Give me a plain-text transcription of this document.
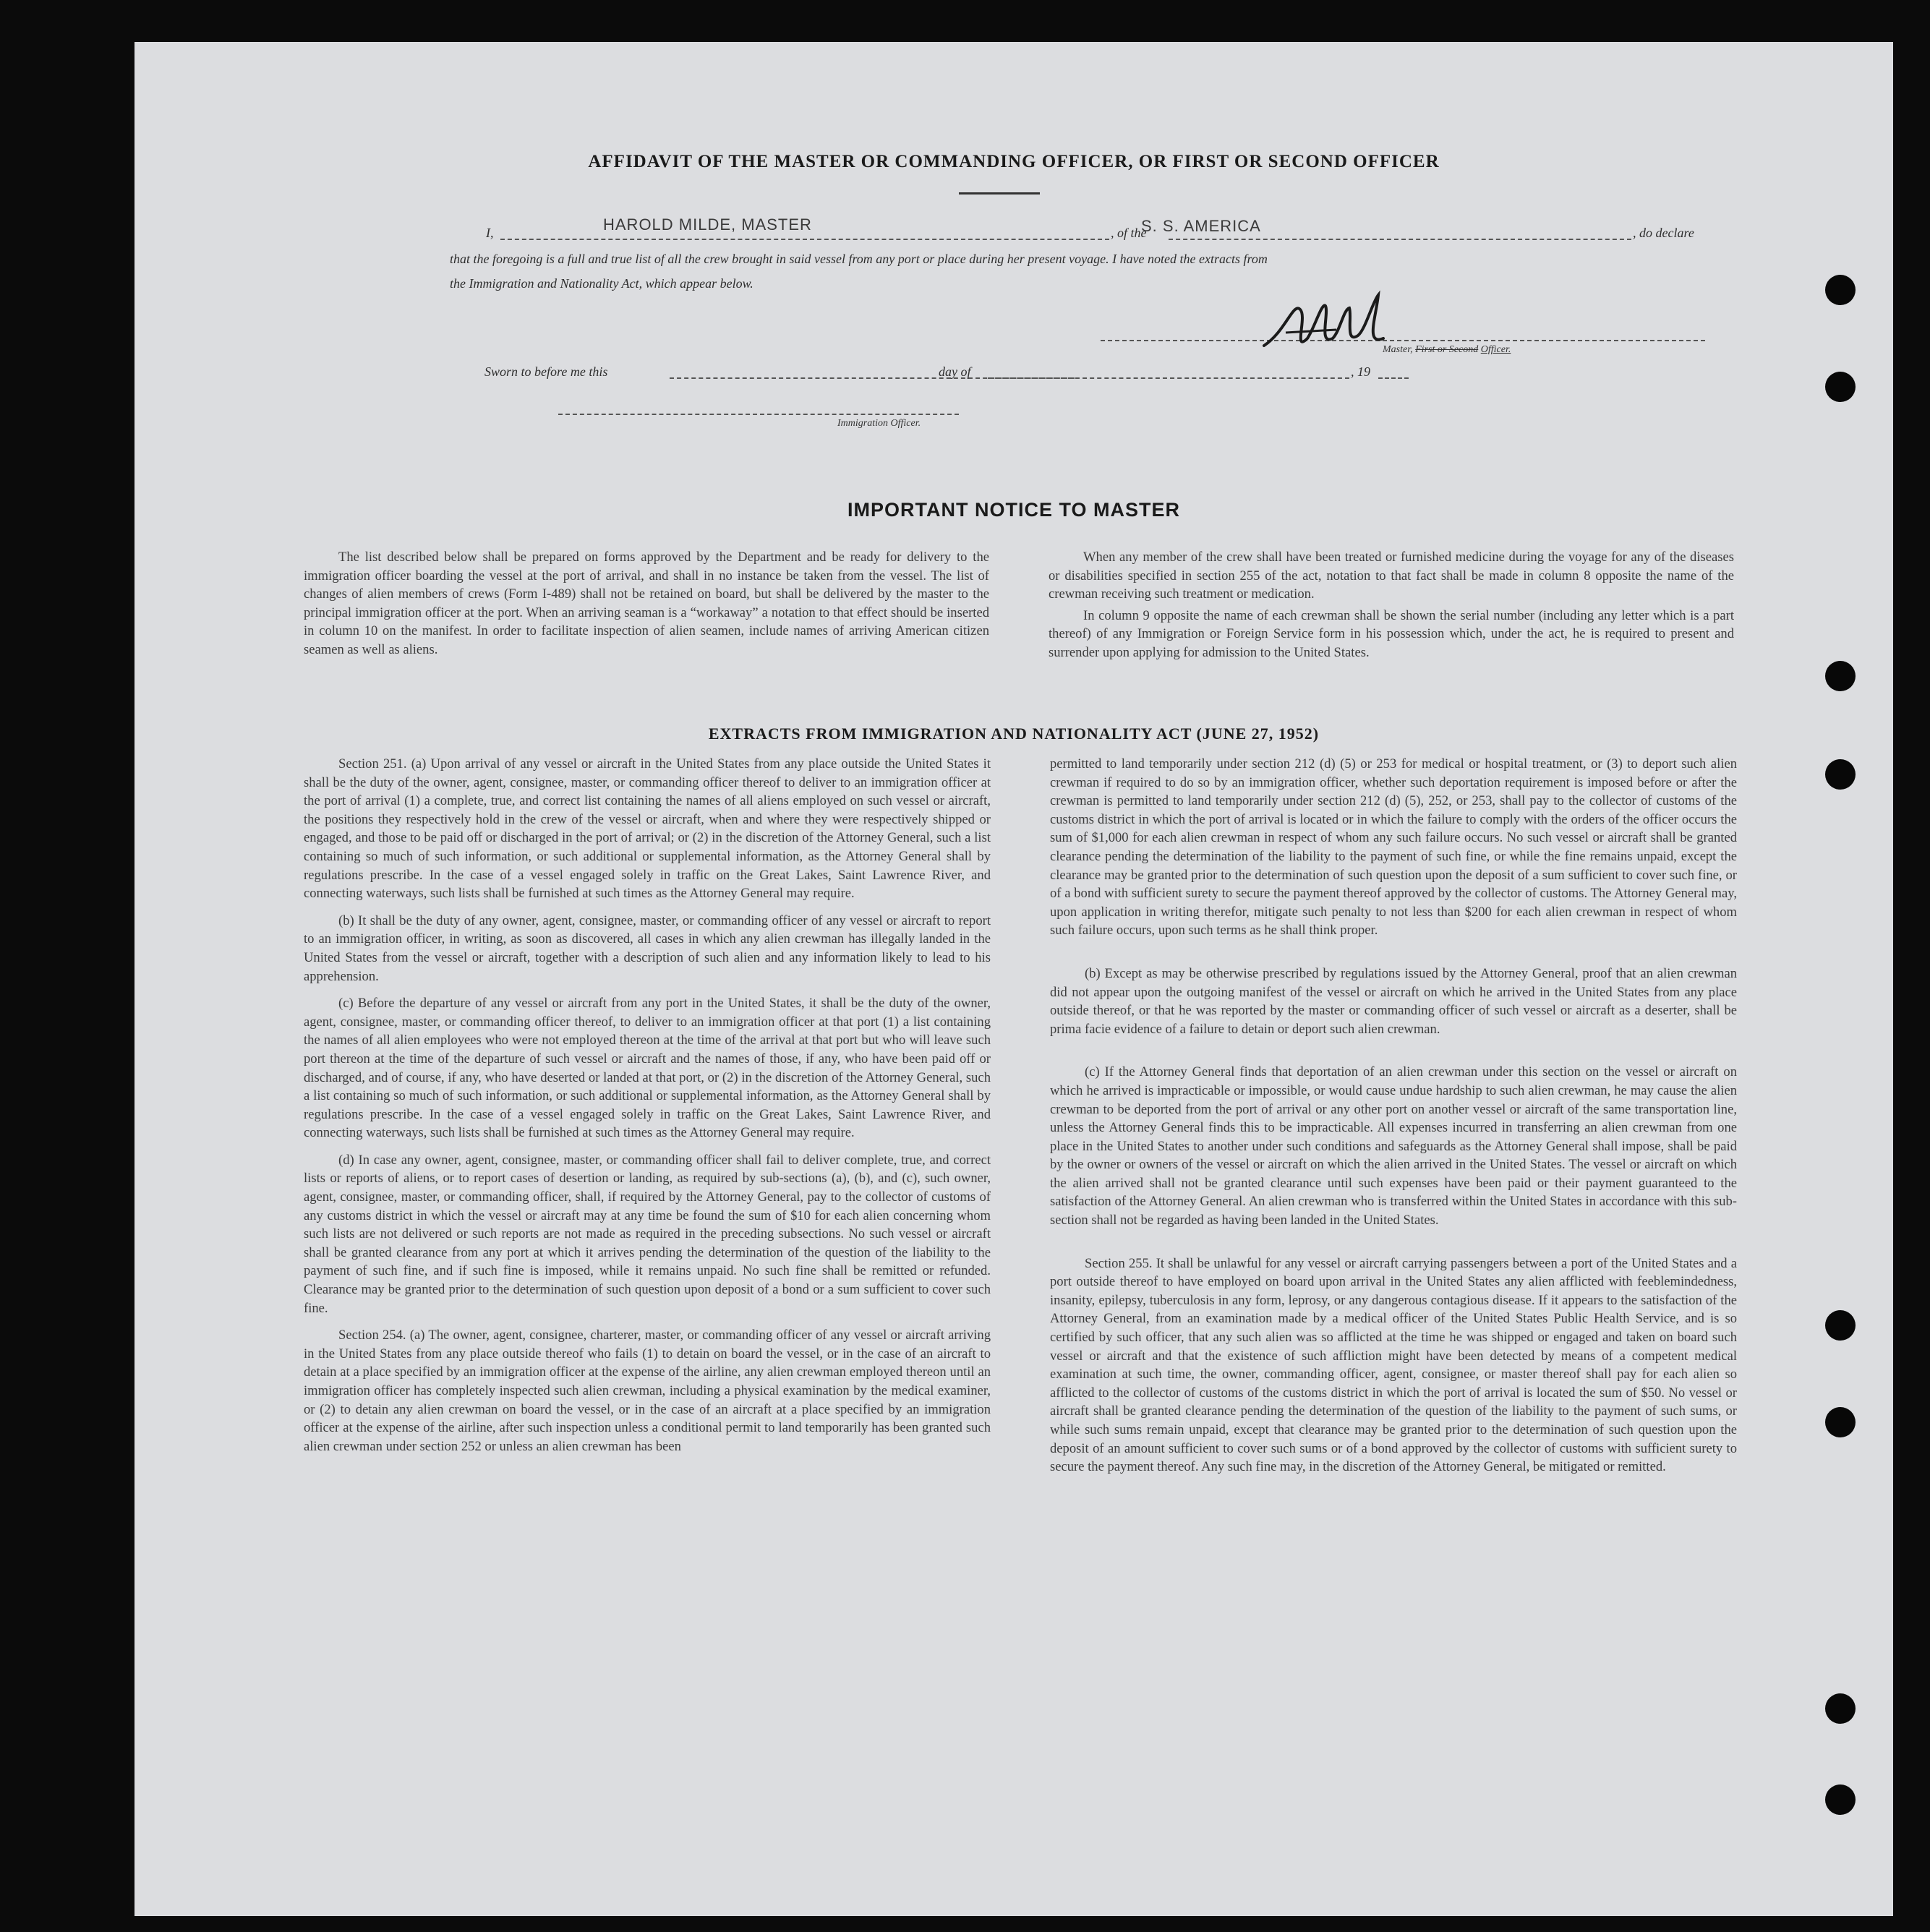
AFFIDAVIT OF THE MASTER OR COMMANDING OFFICER, OR FIRST OR SECOND OFFICER
I,	HAROLD MILDE, MASTER	, of the
S. S. AMERICA	, do declare
that the foregoing is a full and true list of all the crew brought in said vessel from any port or place during her present voyage. I have noted the extracts from
the Immigration and Nationality Act, which appear below.
Master, First or Second Officer.
Sworn to before me this	day of	, 19
Immigration Officer.
IMPORTANT NOTICE TO MASTER

The list described below shall be prepared on forms approved by the Department and be ready for delivery to the immigration officer boarding the vessel at the port of arrival, and shall in no instance be taken from the vessel. The list of changes of alien members of crews (Form I-489) shall not be retained on board, but shall be delivered by the master to the principal immigration officer at the port. When an arriving seaman is a “workaway” a notation to that effect should be inserted in column 10 on the manifest. In order to facilitate inspection of alien seamen, include names of arriving American citizen seamen as well as aliens.

When any member of the crew shall have been treated or furnished medicine during the voyage for any of the diseases or disabilities specified in section 255 of the act, notation to that fact shall be made in column 8 opposite the name of the crewman receiving such treatment or medication.

In column 9 opposite the name of each crewman shall be shown the serial number (including any letter which is a part thereof) of any Immigration or Foreign Service form in his possession which, under the act, he is required to present and surrender upon applying for admission to the United States.

EXTRACTS FROM IMMIGRATION AND NATIONALITY ACT (JUNE 27, 1952)

Section 251. (a) Upon arrival of any vessel or aircraft in the United States from any place outside the United States it shall be the duty of the owner, agent, consignee, master, or commanding officer thereof to deliver to an immigration officer at the port of arrival (1) a complete, true, and correct list containing the names of all aliens employed on such vessel or aircraft, the positions they respectively hold in the crew of the vessel or aircraft, when and where they were respectively shipped or engaged, and those to be paid off or discharged in the port of arrival; or (2) in the discretion of the Attorney General, such a list containing so much of such information, or such additional or supplemental information, as the Attorney General shall by regulations prescribe. In the case of a vessel engaged solely in traffic on the Great Lakes, Saint Lawrence River, and connecting waterways, such lists shall be furnished at such times as the Attorney General may require.

(b) It shall be the duty of any owner, agent, consignee, master, or commanding officer of any vessel or aircraft to report to an immigration officer, in writing, as soon as discovered, all cases in which any alien crewman has illegally landed in the United States from the vessel or aircraft, together with a description of such alien and any information likely to lead to his apprehension.

(c) Before the departure of any vessel or aircraft from any port in the United States, it shall be the duty of the owner, agent, consignee, master, or commanding officer thereof, to deliver to an immigration officer at that port (1) a list containing the names of all alien employees who were not employed thereon at the time of the arrival at that port but who will leave such port thereon at the time of the departure of such vessel or aircraft and the names of those, if any, who have been paid off or discharged, and of course, if any, who have deserted or landed at that port, or (2) in the discretion of the Attorney General, such a list containing so much of such information, or such additional or supplemental information, as the Attorney General shall by regulations prescribe. In the case of a vessel engaged solely in traffic on the Great Lakes, Saint Lawrence River, and connecting waterways, such lists shall be furnished at such times as the Attorney General may require.

(d) In case any owner, agent, consignee, master, or commanding officer shall fail to deliver complete, true, and correct lists or reports of aliens, or to report cases of desertion or landing, as required by sub-sections (a), (b), and (c), such owner, agent, consignee, master, or commanding officer, shall, if required by the Attorney General, pay to the collector of customs of any customs district in which the vessel or aircraft may at any time be found the sum of $10 for each alien concerning whom such lists are not delivered or such reports are not made as required in the preceding subsections. No such vessel or aircraft shall be granted clearance from any port at which it arrives pending the determination of the question of the liability to the payment of such fine, and if such fine is imposed, while it remains unpaid. No such fine shall be remitted or refunded. Clearance may be granted prior to the determination of such question upon deposit of a bond or a sum sufficient to cover such fine.

Section 254. (a) The owner, agent, consignee, charterer, master, or commanding officer of any vessel or aircraft arriving in the United States from any place outside thereof who fails (1) to detain on board the vessel, or in the case of an aircraft to detain at a place specified by an immigration officer at the expense of the airline, any alien crewman employed thereon until an immigration officer has completely inspected such alien crewman, including a physical examination by the medical examiner, or (2) to detain any alien crewman on board the vessel, or in the case of an aircraft at a place specified by an immigration officer at the expense of the airline, after such inspection unless a conditional permit to land temporarily has been granted such alien crewman under section 252 or unless an alien crewman has been

permitted to land temporarily under section 212 (d) (5) or 253 for medical or hospital treatment, or (3) to deport such alien crewman if required to do so by an immigration officer, whether such deportation requirement is imposed before or after the crewman is permitted to land temporarily under section 212 (d) (5), 252, or 253, shall pay to the collector of customs of the customs district in which the port of arrival is located or in which the failure to comply with the orders of the officer occurs the sum of $1,000 for each alien crewman in respect of whom any such failure occurs. No such vessel or aircraft shall be granted clearance pending the determination of the liability to the payment of such fine, or while the fine remains unpaid, except the clearance may be granted prior to the determination of such question upon the deposit of a sum sufficient to cover such fine, or of a bond with sufficient surety to secure the payment thereof approved by the collector of customs. The Attorney General may, upon application in writing therefor, mitigate such penalty to not less than $200 for each alien crewman in respect of whom such failure occurs, upon such terms as he shall think proper.

(b) Except as may be otherwise prescribed by regulations issued by the Attorney General, proof that an alien crewman did not appear upon the outgoing manifest of the vessel or aircraft on which he arrived in the United States from any place outside thereof, or that he was reported by the master or commanding officer of such vessel or aircraft as a deserter, shall be prima facie evidence of a failure to detain or deport such alien crewman.

(c) If the Attorney General finds that deportation of an alien crewman under this section on the vessel or aircraft on which he arrived is impracticable or impossible, or would cause undue hardship to such alien crewman, he may cause the alien crewman to be deported from the port of arrival or any other port on another vessel or aircraft of the same transportation line, unless the Attorney General finds this to be impracticable. All expenses incurred in transferring an alien crewman from one place in the United States to another under such conditions and safeguards as the Attorney General shall impose, shall be paid by the owner or owners of the vessel or aircraft on which the alien arrived in the United States. The vessel or aircraft on which the alien arrived shall not be granted clearance until such expenses have been paid or their payment guaranteed to the satisfaction of the Attorney General. An alien crewman who is transferred within the United States in accordance with this sub-section shall not be regarded as having been landed in the United States.

Section 255. It shall be unlawful for any vessel or aircraft carrying passengers between a port of the United States and a port outside thereof to have employed on board upon arrival in the United States any alien afflicted with feeblemindedness, insanity, epilepsy, tuberculosis in any form, leprosy, or any dangerous contagious disease. If it appears to the satisfaction of the Attorney General, from an examination made by a medical officer of the United States Public Health Service, and is so certified by such officer, that any such alien was so afflicted at the time he was shipped or engaged and taken on board such vessel or aircraft and that the existence of such affliction might have been detected by means of a competent medical examination at such time, the owner, commanding officer, agent, consignee, or master thereof shall pay for each alien so afflicted to the collector of customs of the customs district in which the port of arrival is located the sum of $50. No vessel or aircraft shall be granted clearance pending the determination of the question of the liability to the payment of such sums, or while such sums remain unpaid, except that clearance may be granted prior to the determination of such question upon the deposit of an amount sufficient to cover such sums or of a bond approved by the collector of customs with sufficient surety to secure the payment thereof. Any such fine may, in the discretion of the Attorney General, be mitigated or remitted.
